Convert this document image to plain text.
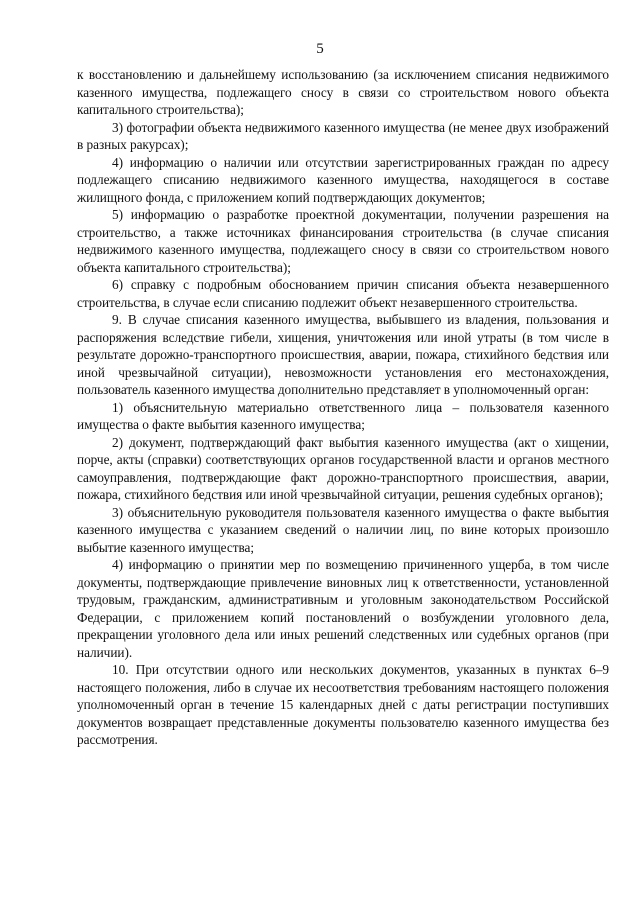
5

к восстановлению и дальнейшему использованию (за исключением списания недвижимого казенного имущества, подлежащего сносу в связи со строительством нового объекта капитального строительства);

3) фотографии объекта недвижимого казенного имущества (не менее двух изображений в разных ракурсах);

4) информацию о наличии или отсутствии зарегистрированных граждан по адресу подлежащего списанию недвижимого казенного имущества, находящегося в составе жилищного фонда, с приложением копий подтверждающих документов;

5) информацию о разработке проектной документации, получении разрешения на строительство, а также источниках финансирования строительства (в случае списания недвижимого казенного имущества, подлежащего сносу в связи со строительством нового объекта капитального строительства);

6) справку с подробным обоснованием причин списания объекта незавершенного строительства, в случае если списанию подлежит объект незавершенного строительства.

9. В случае списания казенного имущества, выбывшего из владения, пользования и распоряжения вследствие гибели, хищения, уничтожения или иной утраты (в том числе в результате дорожно-транспортного происшествия, аварии, пожара, стихийного бедствия или иной чрезвычайной ситуации), невозможности установления его местонахождения, пользователь казенного имущества дополнительно представляет в уполномоченный орган:

1) объяснительную материально ответственного лица – пользователя казенного имущества о факте выбытия казенного имущества;

2) документ, подтверждающий факт выбытия казенного имущества (акт о хищении, порче, акты (справки) соответствующих органов государственной власти и органов местного самоуправления, подтверждающие факт дорожно-транспортного происшествия, аварии, пожара, стихийного бедствия или иной чрезвычайной ситуации, решения судебных органов);

3) объяснительную руководителя пользователя казенного имущества о факте выбытия казенного имущества с указанием сведений о наличии лиц, по вине которых произошло выбытие казенного имущества;

4) информацию о принятии мер по возмещению причиненного ущерба, в том числе документы, подтверждающие привлечение виновных лиц к ответственности, установленной трудовым, гражданским, административным и уголовным законодательством Российской Федерации, с приложением копий постановлений о возбуждении уголовного дела, прекращении уголовного дела или иных решений следственных или судебных органов (при наличии).

10. При отсутствии одного или нескольких документов, указанных в пунктах 6–9 настоящего положения, либо в случае их несоответствия требованиям настоящего положения уполномоченный орган в течение 15 календарных дней с даты регистрации поступивших документов возвращает представленные документы пользователю казенного имущества без рассмотрения.
